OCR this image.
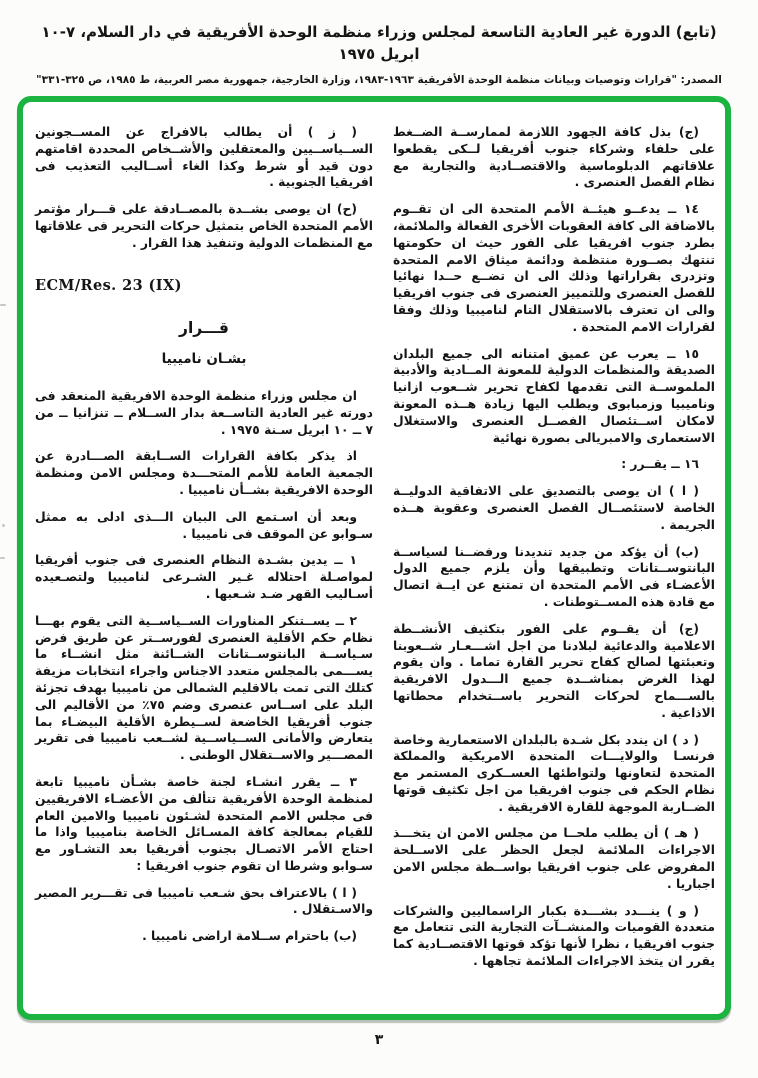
(تابع) الدورة غير العادية التاسعة لمجلس وزراء منظمة الوحدة الأفريقية في دار السلام، ٧-١٠ ابريل ١٩٧٥
المصدر: "قرارات وتوصيات وبيانات منظمة الوحدة الأفريقية ١٩٦٣-١٩٨٣، وزارة الخارجية، جمهورية مصر العربية، ط ١٩٨٥، ص ٣٢٥-٣٣١"

(ج) بذل كافة الجهود اللازمة لممارســة الضــغط على حلفاء وشركاء جنوب أفريقيا لــكى يقطعوا علاقاتهم الدبلوماسية والاقتصــادية والتجارية مع نظام الفصل العنصرى .

١٤ ــ يدعــو هيئــة الأمم المتحدة الى ان تقــوم بالاضافة الى كافة العقوبات الأخرى الفعالة والملائمة، بطرد جنوب افريقيا على الفور حيث ان حكومتها تنتهك بصــورة منتظمة ودائمة ميثاق الامم المتحدة وتزدرى بقراراتها وذلك الى ان تضــع حــدا نهائيا للفصل العنصرى وللتمييز العنصرى فى جنوب افريقيا والى ان تعترف بالاستقلال التام لناميبيا وذلك وفقا لقرارات الامم المتحدة .

١٥ ــ يعرب عن عميق امتنانه الى جميع البلدان الصديقة والمنظمات الدولية للمعونة المــادية والأدبية الملموســة التى تقدمها لكفاح تحرير شــعوب ازانيا وناميبيا وزمبابوى ويطلب اليها زيادة هــذه المعونة لامكان اســتئصال الفصــل العنصرى والاستغلال الاستعمارى والامبريالى بصورة نهائية

١٦ ــ يقــرر :

( ا ) ان يوصى بالتصديق على الاتفاقية الدوليــة الخاصة لاستئصــال الفصل العنصرى وعقوبة هــذه الجريمة .

(ب) أن يؤكد من جديد تنديدنا ورفضــنا لسياســة البانتوســتانات وتطبيقها وأن يلزم جميع الدول الأعضـاء فى الأمم المتحدة ان تمتنع عن ايــة اتصال مع قادة هذه المســتوطنات .

(ج) أن يقــوم على الفور بتكثيف الأنشــطة الاعلامية والدعائية لبلادنا من اجل اشـــعـار شــعوبنا وتعبئتها لصالح كفاح تحرير القارة تماما . وان يقوم لهذا الغرض بمناشــدة جميع الـــدول الافريقية بالســـماح لحركات التحرير باســتخدام محطاتها الاذاعية .

( د ) ان يندد بكل شـدة بالبلدان الاستعمارية وخاصة فرنسـا والولايـــات المتحدة الامريكية والمملكة المتحدة لتعاونها ولتواطئها العســكرى المستمر مع نظام الحكم فى جنوب افريقيا من اجل تكثيف قوتها الضــاربة الموجهة للقارة الافريقية .

( هـ ) أن يطلب ملحــا من مجلس الامن ان يتخـــذ الاجراءات الملائمة لجعل الحظر على الاســلحة المفروض على جنوب افريقيا بواســطة مجلس الامن اجباريا .

( و ) ينـــدد بشـــدة بكبار الراسماليين والشركات متعددة القوميات والمنشــآت التجارية التى تتعامل مع جنوب افريقيا ، نظرا لأنها تؤكد قوتها الاقتصــادية كما يقرر ان يتخذ الاجراءات الملائمة تجاهها .

( ز ) أن يطالب بالافراج عن المســجونين الســياســيين والمعتقلين والأشــخاص المحددة اقامتهم دون قيد أو شرط وكذا الغاء أســاليب التعذيب فى افريقيا الجنوبية .

(ح) ان يوصى بشــدة بالمصــادقة على قـــرار مؤتمر الأمم المتحدة الخاص بتمثيل حركات التحرير فى علاقاتها مع المنظمات الدولية وتنفيذ هذا القرار .

ECM/Res. 23 (IX)

قـــرار

بشـان ناميبيا

ان مجلس وزراء منظمة الوحدة الافريقية المنعقد فى دورته غير العادية التاســعة بدار الســلام ــ تنزانيا ــ من ٧ ــ ١٠ ابريل سـنة ١٩٧٥ .

اذ يذكر بكافة القرارات الســابقة الصـــادرة عن الجمعية العامة للأمم المتحـــدة ومجلس الامن ومنظمة الوحدة الافريقية بشــأن ناميبيا .

وبعد أن اسـتمع الى البيان الـــذى ادلى به ممثل سـوابو عن الموقف فى ناميبيا .

١ ــ يدين بشـدة النظام العنصرى فى جنوب أفريقيا لمواصـلة احتلاله غـير الشـرعى لناميبيا ولتصـعيده أسـاليب القهر ضـد شـعبها .

٢ ــ يســتنكر المناورات الســياســية التى يقوم بهـــا نظام حكم الأقلية العنصرى لفورســتر عن طريق فرض سـياســة البانتوســتانات الشــائنة مثل انشــاء ما يســـمى بالمجلس متعدد الاجناس واجراء انتخابات مزيفة كتلك التى تمت بالاقليم الشمالى من ناميبيا بهدف تجزئة البلد على اســاس عنصرى وضم ٧٥٪ من الأقاليم الى جنوب أفريقيا الخاضعة لســيطرة الأقلية البيضـاء بما يتعارض والأمانى الســياســية لشــعب ناميبيا فى تقرير المصـــير والاســتقلال الوطنى .

٣ ــ يقرر انشـاء لجنة خاصة بشـأن ناميبيا تابعة لمنظمة الوحدة الأفريقية تتألف من الأعضـاء الافريقيين فى مجلس الامم المتحدة لشـئون ناميبيا والامين العام للقيام بمعالجة كافة المسـائل الخاصة بناميبيا واذا ما احتاج الأمر الاتصـال بجنوب أفريقيا بعد التشـاور مع سـوابو وشرطا ان تقوم جنوب افريقيا :

( ا ) بالاعتراف بحق شـعب ناميبيا فى تقـــرير المصير والاسـتقلال .

(ب) باحترام ســلامة اراضى ناميبيا .

٣
